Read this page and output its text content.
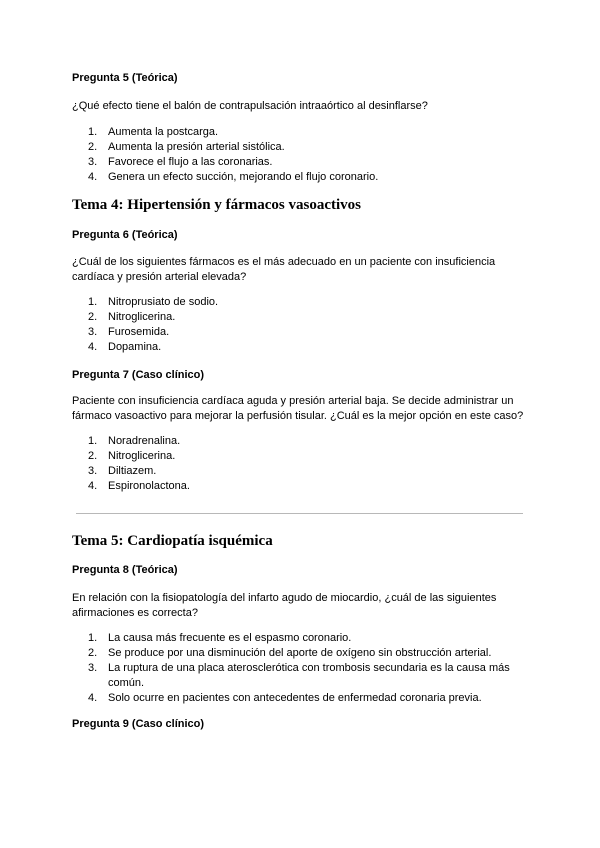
Pregunta 5 (Teórica)

¿Qué efecto tiene el balón de contrapulsación intraaórtico al desinflarse?

1. Aumenta la postcarga.
2. Aumenta la presión arterial sistólica.
3. Favorece el flujo a las coronarias.
4. Genera un efecto succión, mejorando el flujo coronario.
Tema 4: Hipertensión y fármacos vasoactivos

Pregunta 6 (Teórica)

¿Cuál de los siguientes fármacos es el más adecuado en un paciente con insuficiencia

cardíaca y presión arterial elevada?

1. Nitroprusiato de sodio.
2. Nitroglicerina.
3. Furosemida.
4. Dopamina.

Pregunta 7 (Caso clínico)

Paciente con insuficiencia cardíaca aguda y presión arterial baja. Se decide administrar un

fármaco vasoactivo para mejorar la perfusión tisular. ¿Cuál es la mejor opción en este caso?

1. Noradrenalina.
2. Nitroglicerina.
3. Diltiazem.
4. Espironolactona.
Tema 5: Cardiopatía isquémica

Pregunta 8 (Teórica)

En relación con la fisiopatología del infarto agudo de miocardio, ¿cuál de las siguientes

afirmaciones es correcta?

1. La causa más frecuente es el espasmo coronario.
2. Se produce por una disminución del aporte de oxígeno sin obstrucción arterial.
3. La ruptura de una placa aterosclerótica con trombosis secundaria es la causa más
común.
4. Solo ocurre en pacientes con antecedentes de enfermedad coronaria previa.

Pregunta 9 (Caso clínico)
